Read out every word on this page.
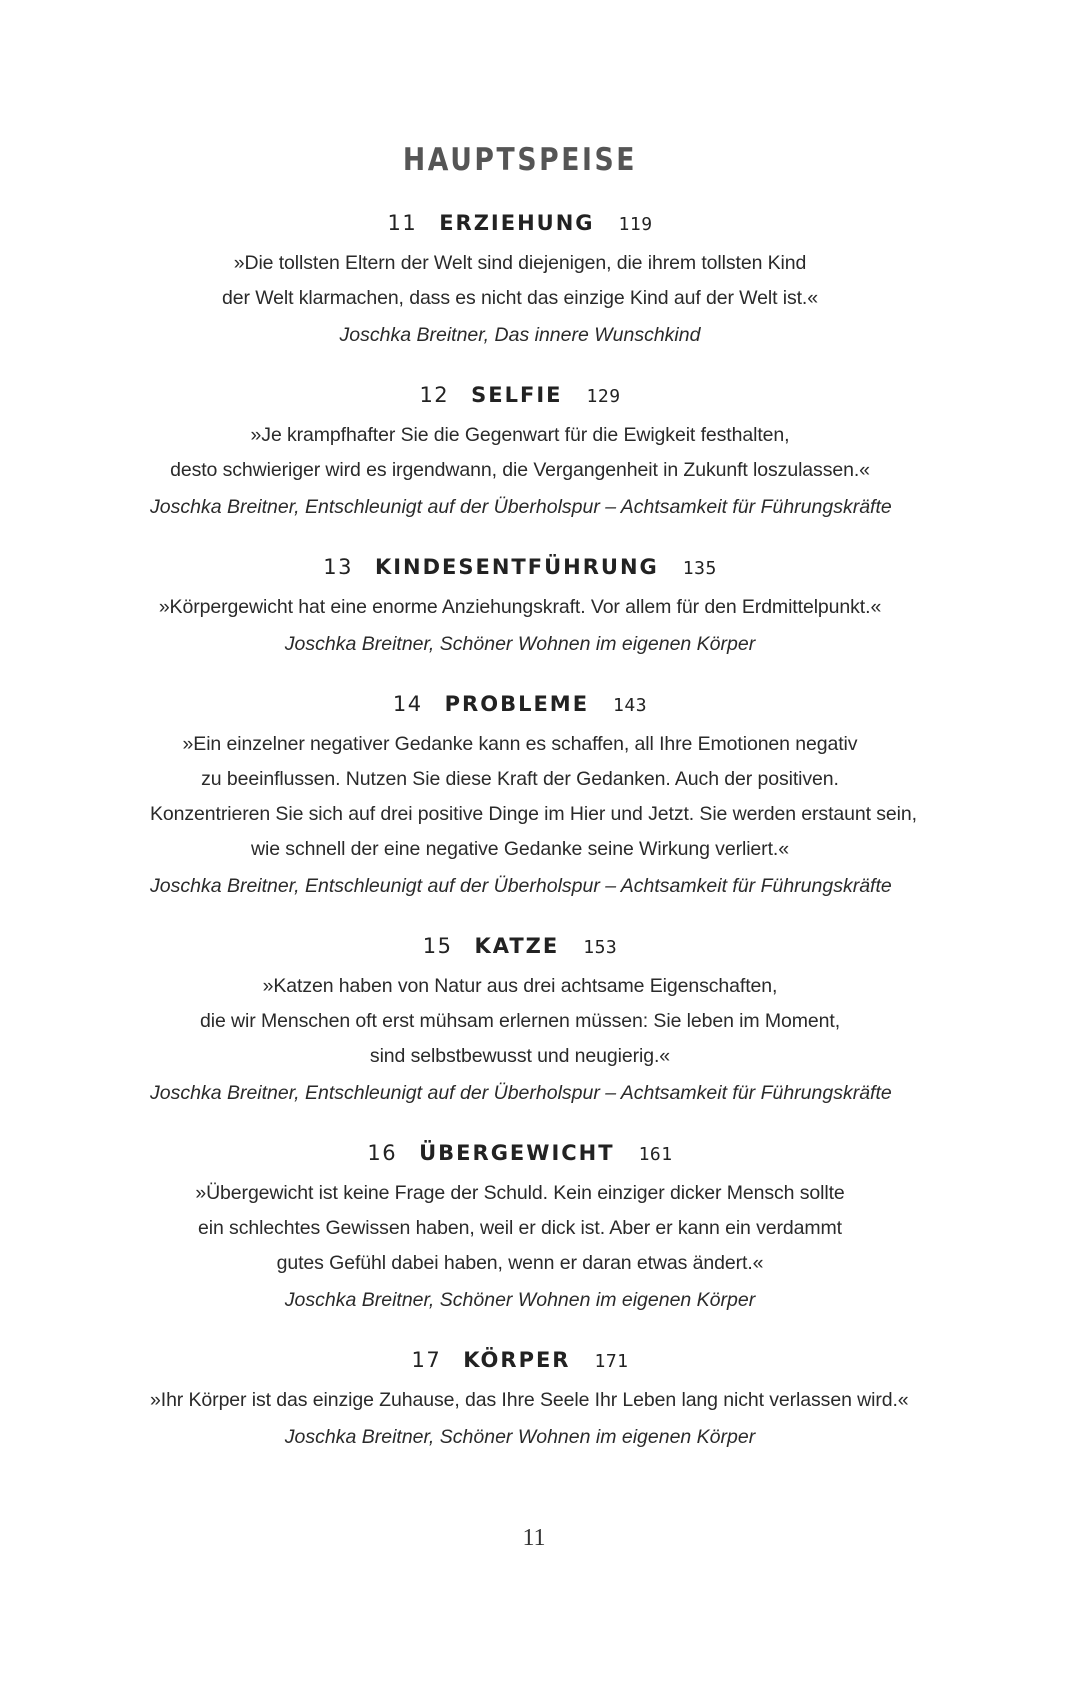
HAUPTSPEISE
11 ERZIEHUNG 119
»Die tollsten Eltern der Welt sind diejenigen, die ihrem tollsten Kind
der Welt klarmachen, dass es nicht das einzige Kind auf der Welt ist.«
Joschka Breitner, Das innere Wunschkind
12 SELFIE 129
»Je krampfhafter Sie die Gegenwart für die Ewigkeit festhalten,
desto schwieriger wird es irgendwann, die Vergangenheit in Zukunft loszulassen.«
Joschka Breitner, Entschleunigt auf der Überholspur – Achtsamkeit für Führungskräfte
13 KINDESENTFÜHRUNG 135
»Körpergewicht hat eine enorme Anziehungskraft. Vor allem für den Erdmittelpunkt.«
Joschka Breitner, Schöner Wohnen im eigenen Körper
14 PROBLEME 143
»Ein einzelner negativer Gedanke kann es schaffen, all Ihre Emotionen negativ
zu beeinflussen. Nutzen Sie diese Kraft der Gedanken. Auch der positiven.
Konzentrieren Sie sich auf drei positive Dinge im Hier und Jetzt. Sie werden erstaunt sein,
wie schnell der eine negative Gedanke seine Wirkung verliert.«
Joschka Breitner, Entschleunigt auf der Überholspur – Achtsamkeit für Führungskräfte
15 KATZE 153
»Katzen haben von Natur aus drei achtsame Eigenschaften,
die wir Menschen oft erst mühsam erlernen müssen: Sie leben im Moment,
sind selbstbewusst und neugierig.«
Joschka Breitner, Entschleunigt auf der Überholspur – Achtsamkeit für Führungskräfte
16 ÜBERGEWICHT 161
»Übergewicht ist keine Frage der Schuld. Kein einziger dicker Mensch sollte
ein schlechtes Gewissen haben, weil er dick ist. Aber er kann ein verdammt
gutes Gefühl dabei haben, wenn er daran etwas ändert.«
Joschka Breitner, Schöner Wohnen im eigenen Körper
17 KÖRPER 171
»Ihr Körper ist das einzige Zuhause, das Ihre Seele Ihr Leben lang nicht verlassen wird.«
Joschka Breitner, Schöner Wohnen im eigenen Körper
11
